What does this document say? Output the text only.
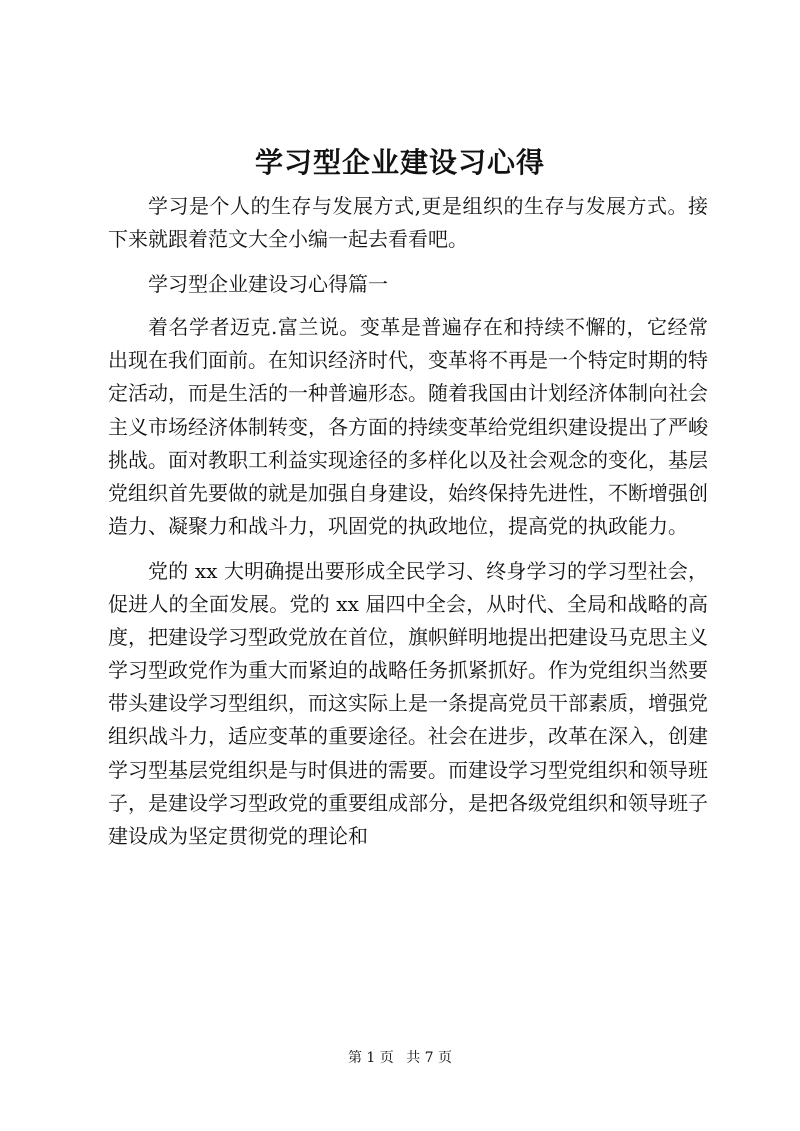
学习型企业建设习心得

学习是个人的生存与发展方式,更是组织的生存与发展方式。接下来就跟着范文大全小编一起去看看吧。

学习型企业建设习心得篇一

着名学者迈克.富兰说。变革是普遍存在和持续不懈的，它经常出现在我们面前。在知识经济时代，变革将不再是一个特定时期的特定活动，而是生活的一种普遍形态。随着我国由计划经济体制向社会主义市场经济体制转变，各方面的持续变革给党组织建设提出了严峻挑战。面对教职工利益实现途径的多样化以及社会观念的变化，基层党组织首先要做的就是加强自身建设，始终保持先进性，不断增强创造力、凝聚力和战斗力，巩固党的执政地位，提高党的执政能力。

党的 xx 大明确提出要形成全民学习、终身学习的学习型社会，促进人的全面发展。党的 xx 届四中全会，从时代、全局和战略的高度，把建设学习型政党放在首位，旗帜鲜明地提出把建设马克思主义学习型政党作为重大而紧迫的战略任务抓紧抓好。作为党组织当然要带头建设学习型组织，而这实际上是一条提高党员干部素质，增强党组织战斗力，适应变革的重要途径。社会在进步，改革在深入，创建学习型基层党组织是与时俱进的需要。而建设学习型党组织和领导班子，是建设学习型政党的重要组成部分，是把各级党组织和领导班子建设成为坚定贯彻党的理论和

第 1 页 共 7 页
